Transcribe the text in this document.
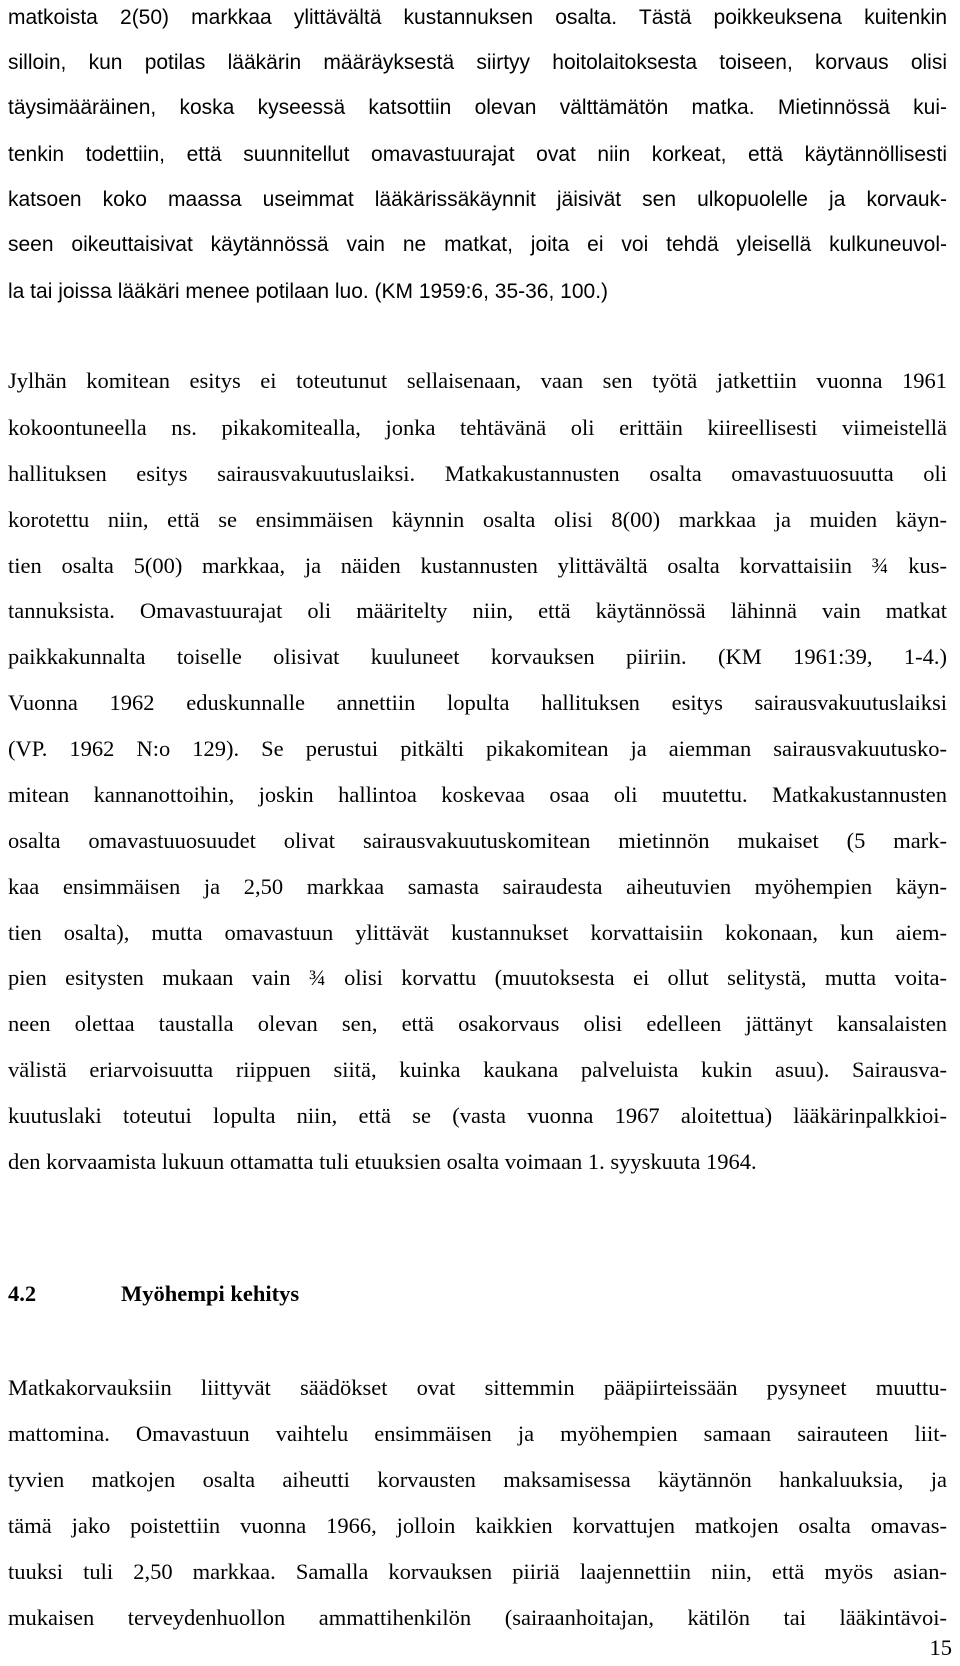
Matkakorvauksiin liittyvät säädökset ovat sittemmin pääpiirteissään pysyneet muuttu-
mattomina. Omavastuun vaihtelu ensimmäisen ja myöhempien samaan sairauteen liit-
tyvien matkojen osalta aiheutti korvausten maksamisessa käytännön hankaluuksia, ja
tämä jako poistettiin vuonna 1966, jolloin kaikkien korvattujen matkojen osalta omavas-
tuuksi tuli 2,50 markkaa. Samalla korvauksen piiriä laajennettiin niin, että myös asian-
mukaisen terveydenhuollon ammattihenkilön (sairaanhoitajan, kätilön tai lääkintävoi-
Jylhän komitean esitys ei toteutunut sellaisenaan, vaan sen työtä jatkettiin vuonna 1961
kokoontuneella ns. pikakomitealla, jonka tehtävänä oli erittäin kiireellisesti viimeistellä
hallituksen esitys sairausvakuutuslaiksi. Matkakustannusten osalta omavastuuosuutta oli
korotettu niin, että se ensimmäisen käynnin osalta olisi 8(00) markkaa ja muiden käyn-
tien osalta 5(00) markkaa, ja näiden kustannusten ylittävältä osalta korvattaisiin ¾ kus-
tannuksista. Omavastuurajat oli määritelty niin, että käytännössä lähinnä vain matkat
paikkakunnalta toiselle olisivat kuuluneet korvauksen piiriin. (KM 1961:39, 1-4.)
Vuonna 1962 eduskunnalle annettiin lopulta hallituksen esitys sairausvakuutuslaiksi
(VP. 1962 N:o 129). Se perustui pitkälti pikakomitean ja aiemman sairausvakuutusko-
mitean kannanottoihin, joskin hallintoa koskevaa osaa oli muutettu. Matkakustannusten
osalta omavastuuosuudet olivat sairausvakuutuskomitean mietinnön mukaiset (5 mark-
kaa ensimmäisen ja 2,50 markkaa samasta sairaudesta aiheutuvien myöhempien käyn-
tien osalta), mutta omavastuun ylittävät kustannukset korvattaisiin kokonaan, kun aiem-
pien esitysten mukaan vain ¾ olisi korvattu (muutoksesta ei ollut selitystä, mutta voita-
neen olettaa taustalla olevan sen, että osakorvaus olisi edelleen jättänyt kansalaisten
välistä eriarvoisuutta riippuen siitä, kuinka kaukana palveluista kukin asuu). Sairausva-
kuutuslaki toteutui lopulta niin, että se (vasta vuonna 1967 aloitettua) lääkärinpalkkioi-
den korvaamista lukuun ottamatta tuli etuuksien osalta voimaan 1. syyskuuta 1964.
matkoista 2(50) markkaa ylittävältä kustannuksen osalta. Tästä poikkeuksena kuitenkin
silloin, kun potilas lääkärin määräyksestä siirtyy hoitolaitoksesta toiseen, korvaus olisi
täysimääräinen, koska kyseessä katsottiin olevan välttämätön matka. Mietinnössä kui-
tenkin todettiin, että suunnitellut omavastuurajat ovat niin korkeat, että käytännöllisesti
katsoen koko maassa useimmat lääkärissäkäynnit jäisivät sen ulkopuolelle ja korvauk-
seen oikeuttaisivat käytännössä vain ne matkat, joita ei voi tehdä yleisellä kulkuneuvol-
la tai joissa lääkäri menee potilaan luo. (KM 1959:6, 35-36, 100.)
4.2	Myöhempi kehitys
15
